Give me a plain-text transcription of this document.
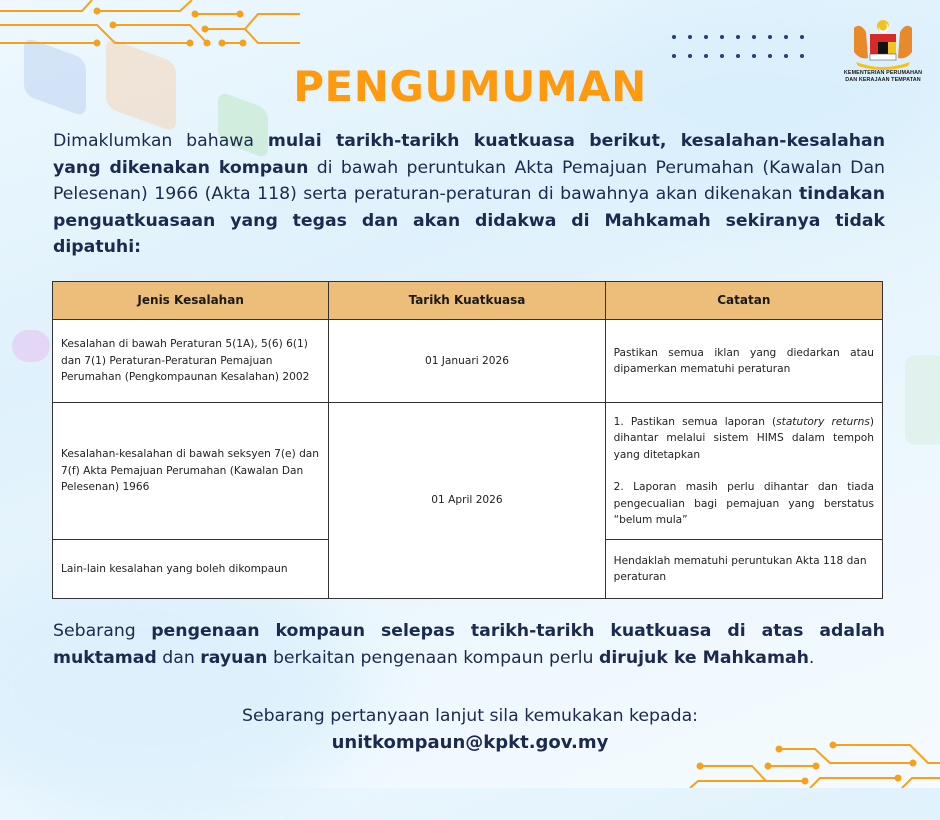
KEMENTERIAN PERUMAHAN
DAN KERAJAAN TEMPATAN
PENGUMUMAN

Dimaklumkan bahawa mulai tarikh-tarikh kuatkuasa berikut, kesalahan-kesalahan yang dikenakan kompaun di bawah peruntukan Akta Pemajuan Perumahan (Kawalan Dan Pelesenan) 1966 (Akta 118) serta peraturan-peraturan di bawahnya akan dikenakan tindakan penguatkuasaan yang tegas dan akan didakwa di Mahkamah sekiranya tidak dipatuhi:

Jenis Kesalahan	Tarikh Kuatkuasa	Catatan
Kesalahan di bawah Peraturan 5(1A), 5(6) 6(1) dan 7(1) Peraturan-Peraturan Pemajuan Perumahan (Pengkompaunan Kesalahan) 2002	01 Januari 2026	Pastikan semua iklan yang diedarkan atau dipamerkan mematuhi peraturan
Kesalahan-kesalahan di bawah seksyen 7(e) dan 7(f) Akta Pemajuan Perumahan (Kawalan Dan Pelesenan) 1966	01 April 2026	1. Pastikan semua laporan (statutory returns) dihantar melalui sistem HIMS dalam tempoh yang ditetapkan
2. Laporan masih perlu dihantar dan tiada pengecualian bagi pemajuan yang berstatus “belum mula”

Lain-lain kesalahan yang boleh dikompaun		Hendaklah mematuhi peruntukan Akta 118 dan peraturan

Sebarang pengenaan kompaun selepas tarikh-tarikh kuatkuasa di atas adalah muktamad dan rayuan berkaitan pengenaan kompaun perlu dirujuk ke Mahkamah.

Sebarang pertanyaan lanjut sila kemukakan kepada:
unitkompaun@kpkt.gov.my
